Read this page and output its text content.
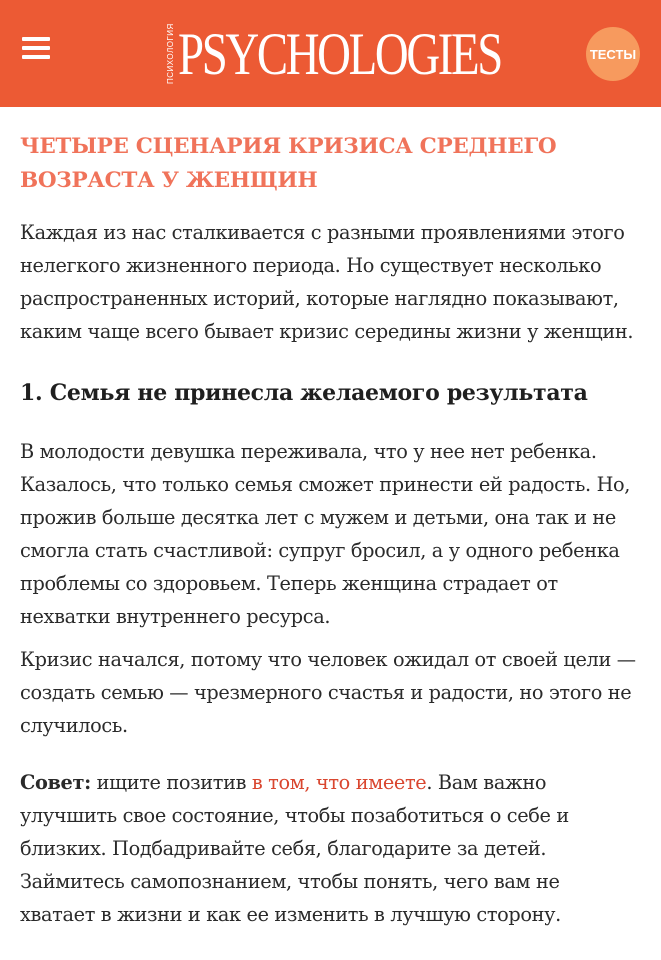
ПСИХОЛОГИЯ PSYCHOLOGIES	ТЕСТЫ
ЧЕТЫРЕ СЦЕНАРИЯ КРИЗИСА СРЕДНЕГО ВОЗРАСТА У ЖЕНЩИН

Каждая из нас сталкивается с разными проявлениями этого нелегкого жизненного периода. Но существует несколько распространенных историй, которые наглядно показывают, каким чаще всего бывает кризис середины жизни у женщин.

1. Семья не принесла желаемого результата

В молодости девушка переживала, что у нее нет ребенка. Казалось, что только семья сможет принести ей радость. Но, прожив больше десятка лет с мужем и детьми, она так и не смогла стать счастливой: супруг бросил, а у одного ребенка проблемы со здоровьем. Теперь женщина страдает от нехватки внутреннего ресурса.

Кризис начался, потому что человек ожидал от своей цели — создать семью — чрезмерного счастья и радости, но этого не случилось.

Совет: ищите позитив в том, что имеете. Вам важно улучшить свое состояние, чтобы позаботиться о себе и близких. Подбадривайте себя, благодарите за детей. Займитесь самопознанием, чтобы понять, чего вам не хватает в жизни и как ее изменить в лучшую сторону.
